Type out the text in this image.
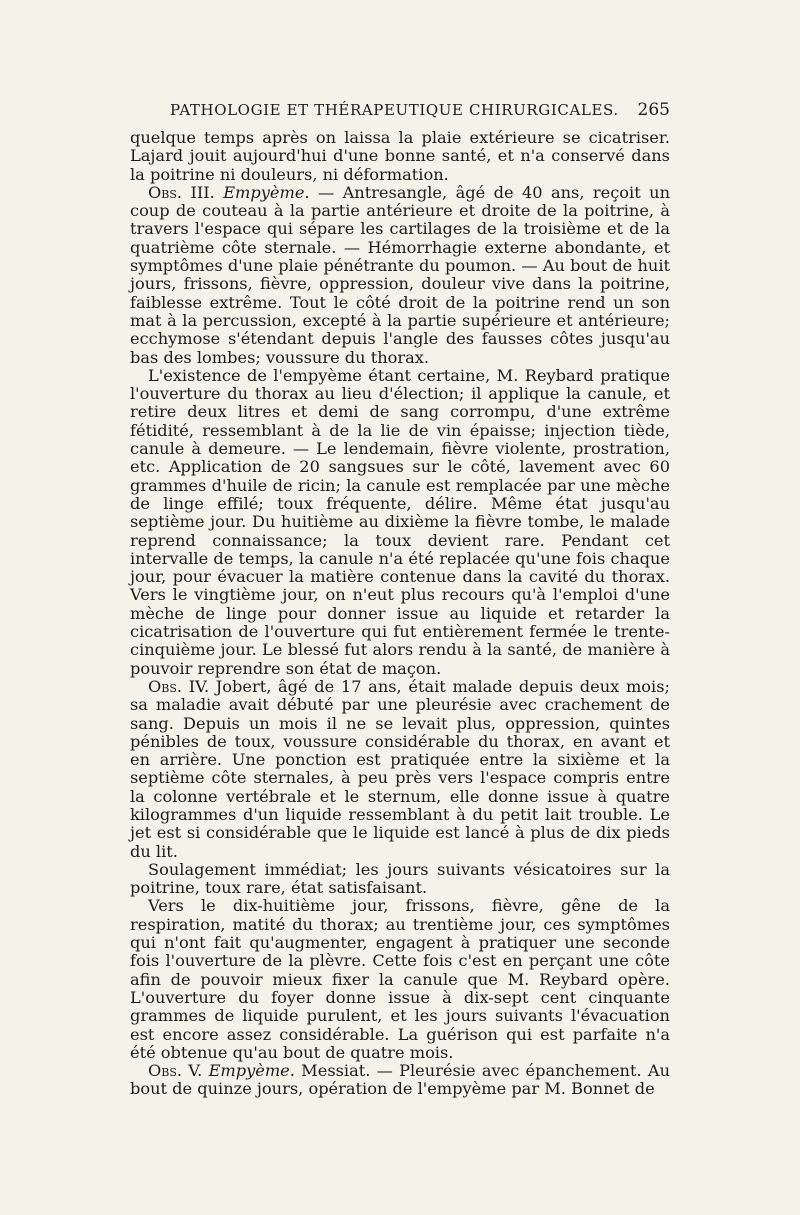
PATHOLOGIE ET THÉRAPEUTIQUE CHIRURGICALES. 265

quelque temps après on laissa la plaie extérieure se cicatriser. Lajard jouit aujourd'hui d'une bonne santé, et n'a conservé dans la poitrine ni douleurs, ni déformation.

Obs. III. Empyème. — Antresangle, âgé de 40 ans, reçoit un coup de couteau à la partie antérieure et droite de la poitrine, à travers l'espace qui sépare les cartilages de la troisième et de la quatrième côte sternale. — Hémorrhagie externe abondante, et symptômes d'une plaie pénétrante du poumon. — Au bout de huit jours, frissons, fièvre, oppression, douleur vive dans la poitrine, faiblesse extrême. Tout le côté droit de la poitrine rend un son mat à la percussion, excepté à la partie supérieure et antérieure; ecchymose s'étendant depuis l'angle des fausses côtes jusqu'au bas des lombes; voussure du thorax.

L'existence de l'empyème étant certaine, M. Reybard pratique l'ouverture du thorax au lieu d'élection; il applique la canule, et retire deux litres et demi de sang corrompu, d'une extrême fétidité, ressemblant à de la lie de vin épaisse; injection tiède, canule à demeure. — Le lendemain, fièvre violente, prostration, etc. Application de 20 sangsues sur le côté, lavement avec 60 grammes d'huile de ricin; la canule est remplacée par une mèche de linge effilé; toux fréquente, délire. Même état jusqu'au septième jour. Du huitième au dixième la fièvre tombe, le malade reprend connaissance; la toux devient rare. Pendant cet intervalle de temps, la canule n'a été replacée qu'une fois chaque jour, pour évacuer la matière contenue dans la cavité du thorax. Vers le vingtième jour, on n'eut plus recours qu'à l'emploi d'une mèche de linge pour donner issue au liquide et retarder la cicatrisation de l'ouverture qui fut entièrement fermée le trente-cinquième jour. Le blessé fut alors rendu à la santé, de manière à pouvoir reprendre son état de maçon.

Obs. IV. Jobert, âgé de 17 ans, était malade depuis deux mois; sa maladie avait débuté par une pleurésie avec crachement de sang. Depuis un mois il ne se levait plus, oppression, quintes pénibles de toux, voussure considérable du thorax, en avant et en arrière. Une ponction est pratiquée entre la sixième et la septième côte sternales, à peu près vers l'espace compris entre la colonne vertébrale et le sternum, elle donne issue à quatre kilogrammes d'un liquide ressemblant à du petit lait trouble. Le jet est si considérable que le liquide est lancé à plus de dix pieds du lit.

Soulagement immédiat; les jours suivants vésicatoires sur la poitrine, toux rare, état satisfaisant.

Vers le dix-huitième jour, frissons, fièvre, gêne de la respiration, matité du thorax; au trentième jour, ces symptômes qui n'ont fait qu'augmenter, engagent à pratiquer une seconde fois l'ouverture de la plèvre. Cette fois c'est en perçant une côte afin de pouvoir mieux fixer la canule que M. Reybard opère. L'ouverture du foyer donne issue à dix-sept cent cinquante grammes de liquide purulent, et les jours suivants l'évacuation est encore assez considérable. La guérison qui est parfaite n'a été obtenue qu'au bout de quatre mois.

Obs. V. Empyème. Messiat. — Pleurésie avec épanchement. Au bout de quinze jours, opération de l'empyème par M. Bonnet de
